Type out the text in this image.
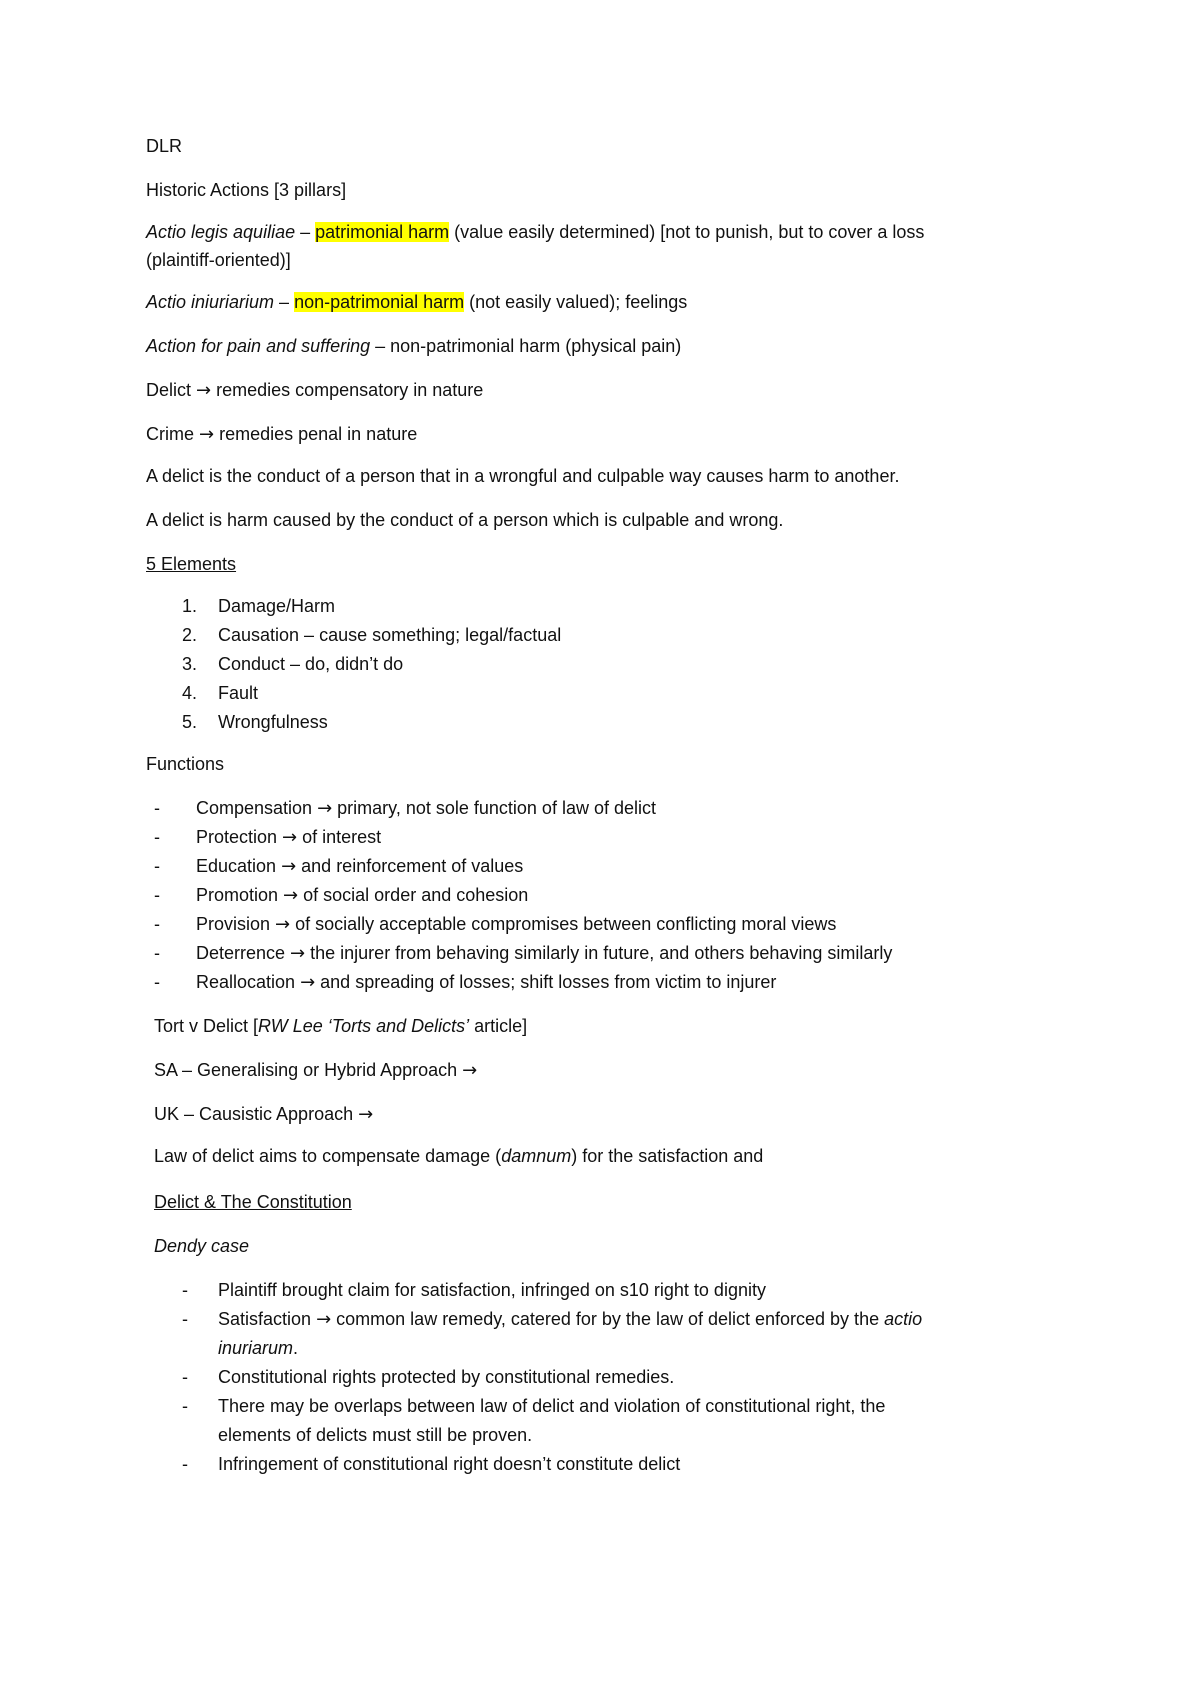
DLR
Historic Actions [3 pillars]
Actio legis aquiliae – patrimonial harm (value easily determined) [not to punish, but to cover a loss
(plaintiff-oriented)]
Actio iniuriarium – non-patrimonial harm (not easily valued); feelings
Action for pain and suffering – non-patrimonial harm (physical pain)
Delict → remedies compensatory in nature
Crime → remedies penal in nature
A delict is the conduct of a person that in a wrongful and culpable way causes harm to another.
A delict is harm caused by the conduct of a person which is culpable and wrong.
5 Elements
1. Damage/Harm
2. Causation – cause something; legal/factual
3. Conduct – do, didn’t do
4. Fault
5. Wrongfulness
Functions
- Compensation → primary, not sole function of law of delict
- Protection → of interest
- Education → and reinforcement of values
- Promotion → of social order and cohesion
- Provision → of socially acceptable compromises between conflicting moral views
- Deterrence → the injurer from behaving similarly in future, and others behaving similarly
- Reallocation → and spreading of losses; shift losses from victim to injurer
Tort v Delict [RW Lee ‘Torts and Delicts’ article]
SA – Generalising or Hybrid Approach →
UK – Causistic Approach →
Law of delict aims to compensate damage (damnum) for the satisfaction and
Delict & The Constitution
Dendy case
- Plaintiff brought claim for satisfaction, infringed on s10 right to dignity
- Satisfaction → common law remedy, catered for by the law of delict enforced by the actio
inuriarum.
- Constitutional rights protected by constitutional remedies.
- There may be overlaps between law of delict and violation of constitutional right, the
elements of delicts must still be proven.
- Infringement of constitutional right doesn’t constitute delict
